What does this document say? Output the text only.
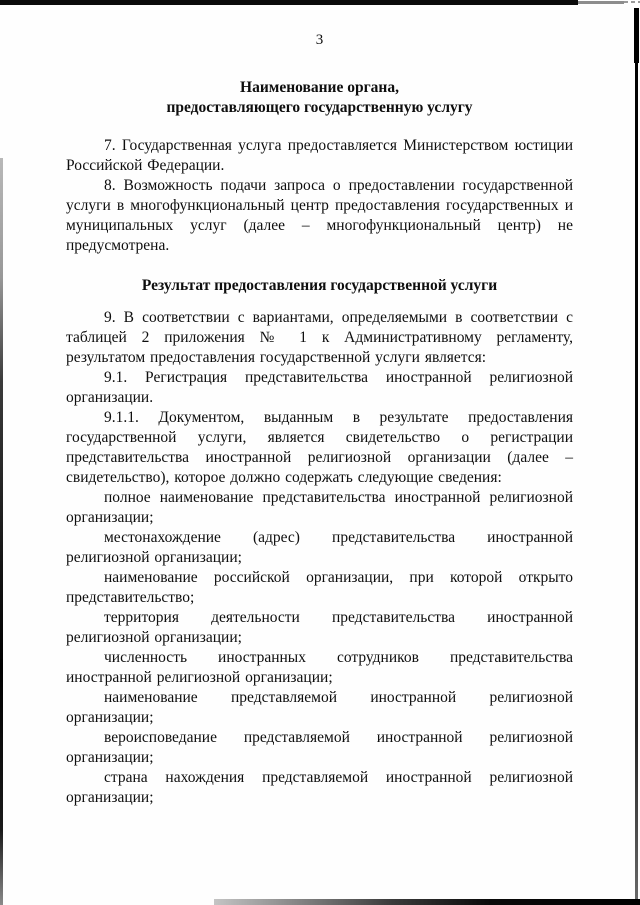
3
Наименование органа,
предоставляющего государственную услугу

7. Государственная услуга предоставляется Министерством юстиции Российской Федерации.

8. Возможность подачи запроса о предоставлении государственной услуги в многофункциональный центр предоставления государственных и муниципальных услуг (далее – многофункциональный центр) не предусмотрена.

Результат предоставления государственной услуги

9. В соответствии с вариантами, определяемыми в соответствии с таблицей 2 приложения № 1 к Административному регламенту, результатом предоставления государственной услуги является:

9.1. Регистрация представительства иностранной религиозной организации.

9.1.1. Документом, выданным в результате предоставления государственной услуги, является свидетельство о регистрации представительства иностранной религиозной организации (далее – свидетельство), которое должно содержать следующие сведения:

полное наименование представительства иностранной религиозной организации;

местонахождение (адрес) представительства иностранной религиозной организации;

наименование российской организации, при которой открыто представительство;

территория деятельности представительства иностранной религиозной организации;

численность иностранных сотрудников представительства иностранной религиозной организации;

наименование представляемой иностранной религиозной организации;

вероисповедание представляемой иностранной религиозной организации;

страна нахождения представляемой иностранной религиозной организации;
